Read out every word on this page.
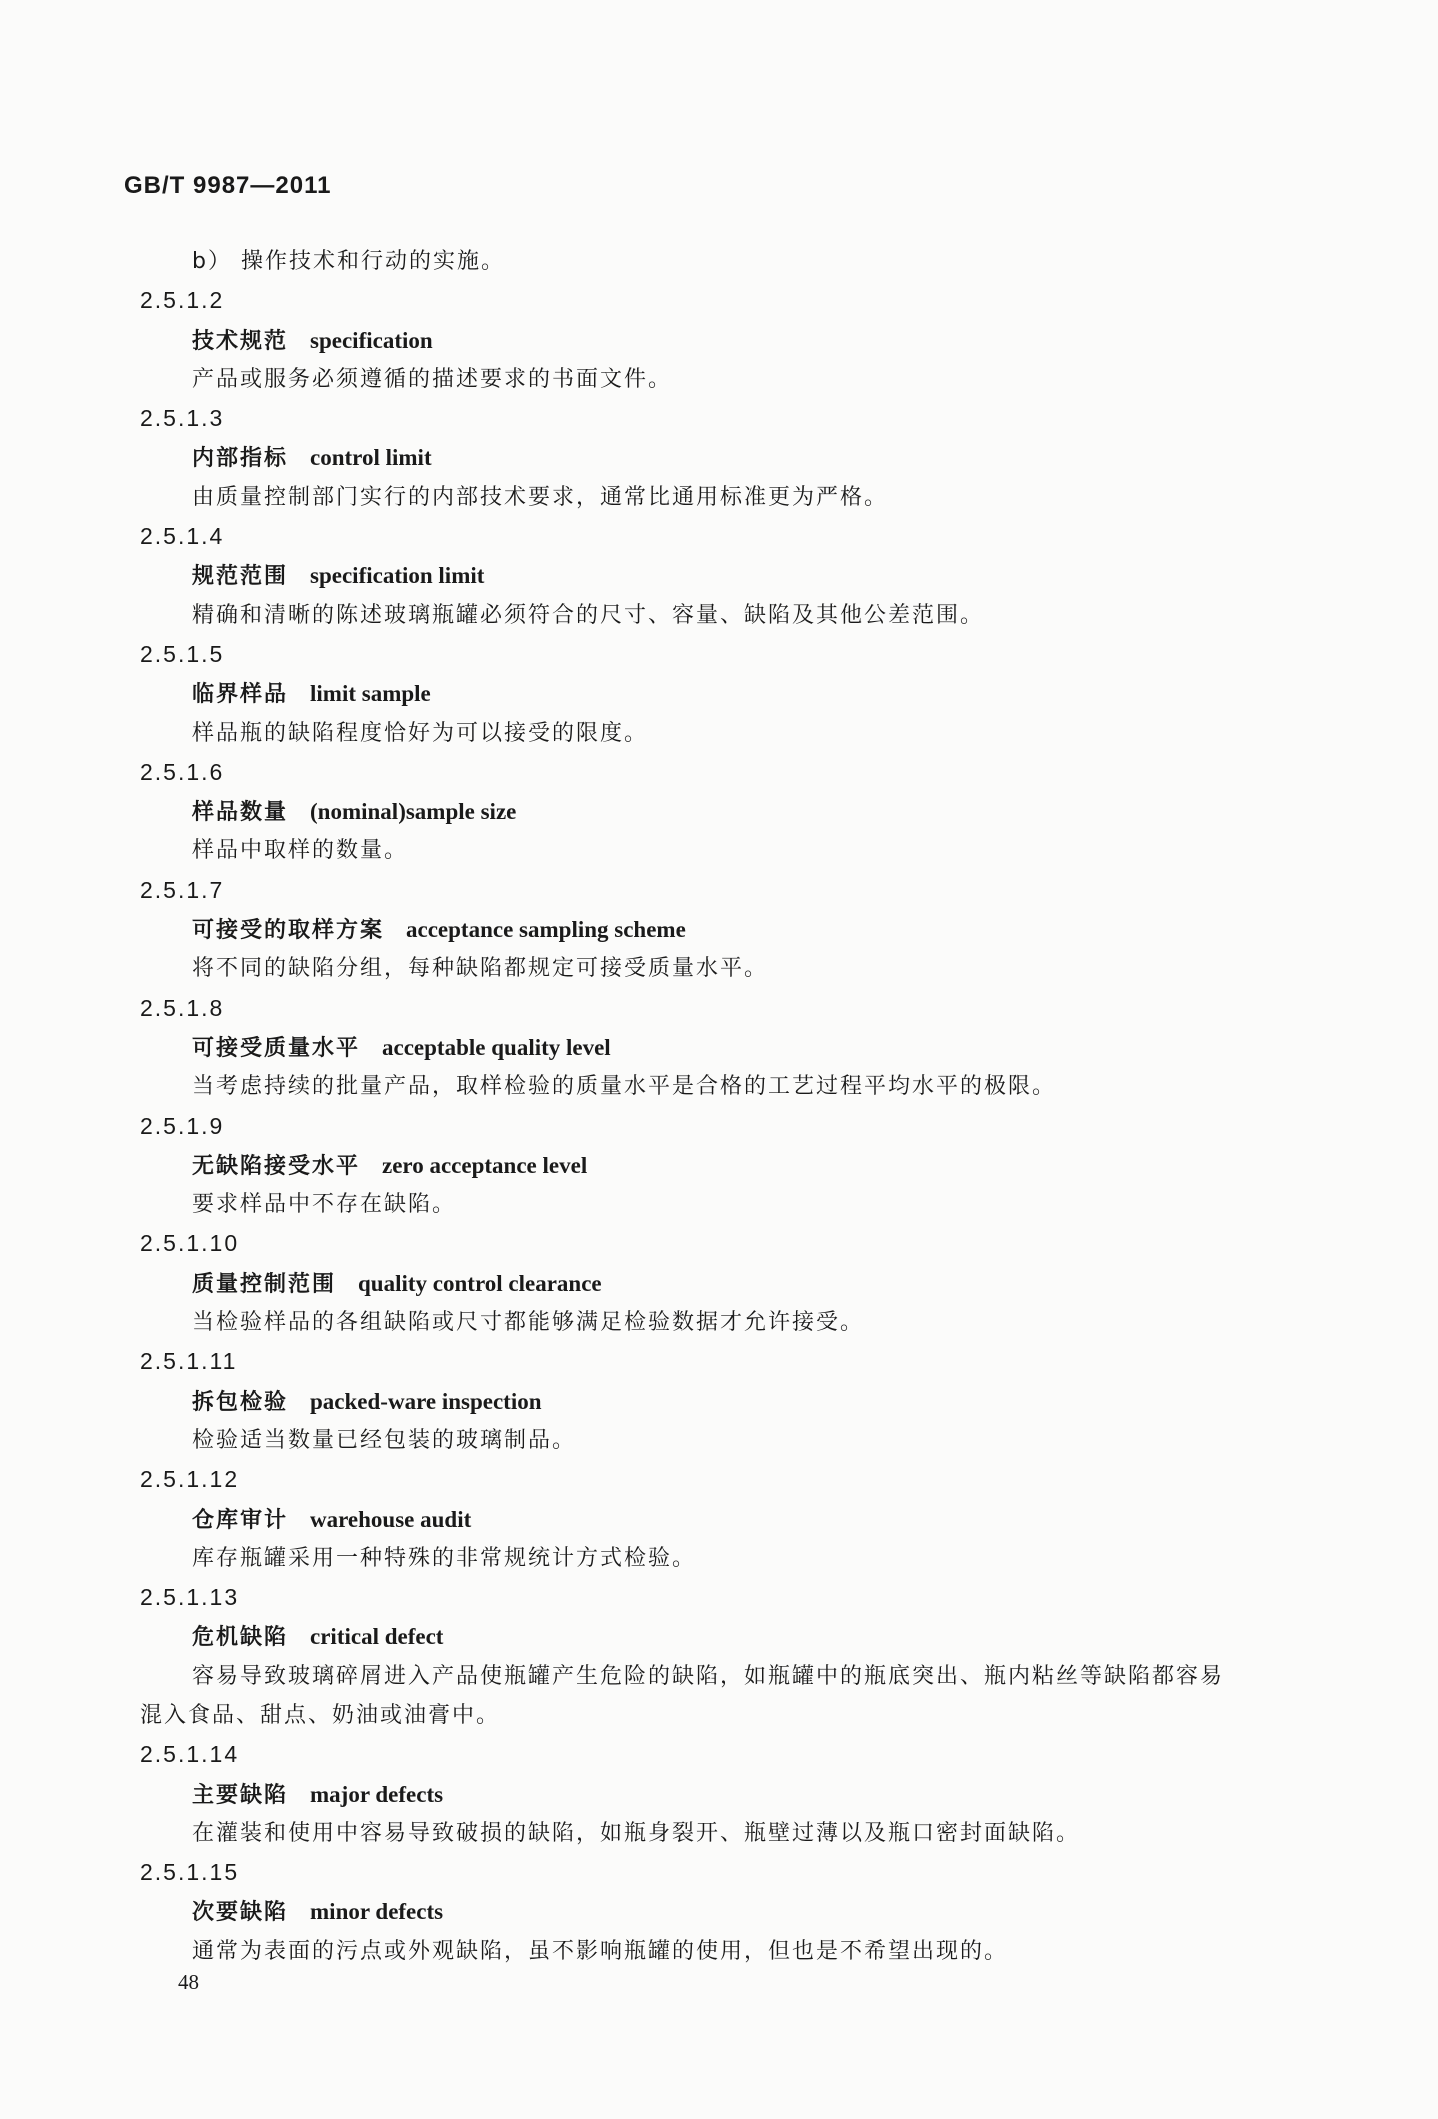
GB/T 9987—2011
b） 操作技术和行动的实施。
2.5.1.2
技术规范 specification
产品或服务必须遵循的描述要求的书面文件。
2.5.1.3
内部指标 control limit
由质量控制部门实行的内部技术要求，通常比通用标准更为严格。
2.5.1.4
规范范围 specification limit
精确和清晰的陈述玻璃瓶罐必须符合的尺寸、容量、缺陷及其他公差范围。
2.5.1.5
临界样品 limit sample
样品瓶的缺陷程度恰好为可以接受的限度。
2.5.1.6
样品数量 (nominal)sample size
样品中取样的数量。
2.5.1.7
可接受的取样方案 acceptance sampling scheme
将不同的缺陷分组，每种缺陷都规定可接受质量水平。
2.5.1.8
可接受质量水平 acceptable quality level
当考虑持续的批量产品，取样检验的质量水平是合格的工艺过程平均水平的极限。
2.5.1.9
无缺陷接受水平 zero acceptance level
要求样品中不存在缺陷。
2.5.1.10
质量控制范围 quality control clearance
当检验样品的各组缺陷或尺寸都能够满足检验数据才允许接受。
2.5.1.11
拆包检验 packed-ware inspection
检验适当数量已经包装的玻璃制品。
2.5.1.12
仓库审计 warehouse audit
库存瓶罐采用一种特殊的非常规统计方式检验。
2.5.1.13
危机缺陷 critical defect
容易导致玻璃碎屑进入产品使瓶罐产生危险的缺陷，如瓶罐中的瓶底突出、瓶内粘丝等缺陷都容易
混入食品、甜点、奶油或油膏中。
2.5.1.14
主要缺陷 major defects
在灌装和使用中容易导致破损的缺陷，如瓶身裂开、瓶壁过薄以及瓶口密封面缺陷。
2.5.1.15
次要缺陷 minor defects
通常为表面的污点或外观缺陷，虽不影响瓶罐的使用，但也是不希望出现的。
48
